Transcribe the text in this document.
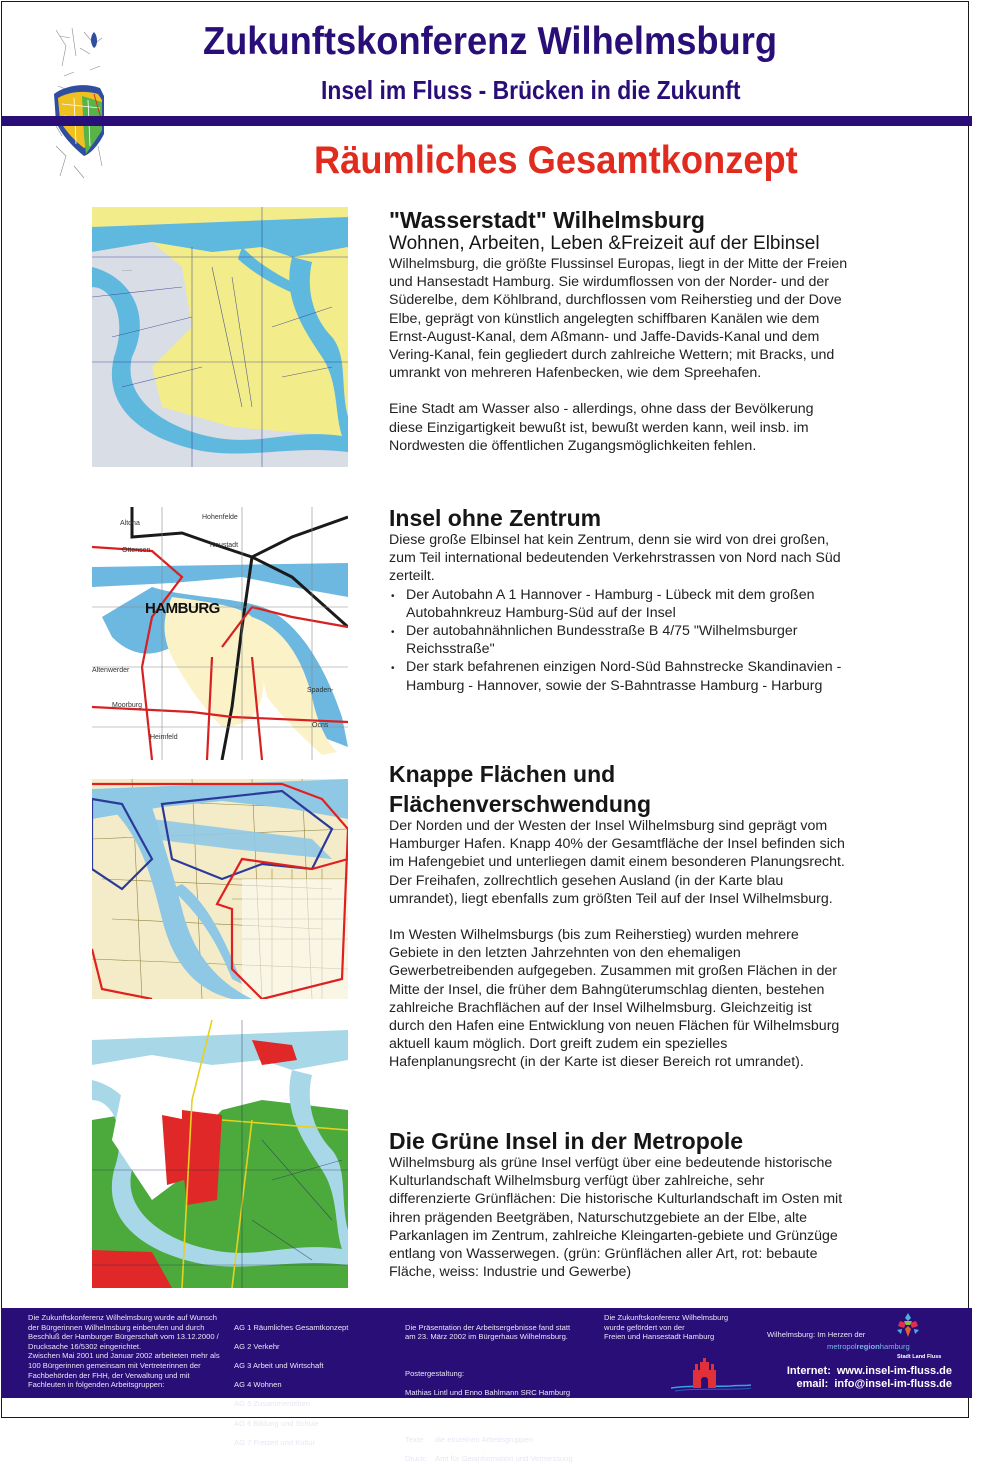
Zukunftskonferenz Wilhelmsburg
Insel im Fluss - Brücken in die Zukunft
Räumliches Gesamtkonzept
·····
Altona
Hohenfelde
Ottensen
Neustadt
Altenwerder
Moorburg
Heimfeld
Spaden-
Ocns
HAMBURG
"Wasserstadt" Wilhelmsburg
Wohnen, Arbeiten, Leben &Freizeit auf der Elbinsel

Wilhelmsburg, die größte Flussinsel Europas, liegt in der Mitte der Freien
und Hansestadt Hamburg. Sie wirdumflossen von der Norder- und der
Süderelbe, dem Köhlbrand, durchflossen vom Reiherstieg und der Dove
Elbe, geprägt von künstlich angelegten schiffbaren Kanälen wie dem
Ernst-August-Kanal, dem Aßmann- und Jaffe-Davids-Kanal und dem
Vering-Kanal, fein gegliedert durch zahlreiche Wettern; mit Bracks, und
umrankt von mehreren Hafenbecken, wie dem Spreehafen.

Eine Stadt am Wasser also - allerdings, ohne dass der Bevölkerung
diese Einzigartigkeit bewußt ist, bewußt werden kann, weil insb. im
Nordwesten die öffentlichen Zugangsmöglichkeiten fehlen.

Insel ohne Zentrum

Diese große Elbinsel hat kein Zentrum, denn sie wird von drei großen,
zum Teil international bedeutenden Verkehrstrassen von Nord nach Süd
zerteilt.

• Der Autobahn A 1 Hannover - Hamburg - Lübeck mit dem großen
Autobahnkreuz Hamburg-Süd auf der Insel
• Der autobahnähnlichen Bundesstraße B 4/75 "Wilhelmsburger
Reichsstraße"
• Der stark befahrenen einzigen Nord-Süd Bahnstrecke Skandinavien -
Hamburg - Hannover, sowie der S-Bahntrasse Hamburg - Harburg
Knappe Flächen und
Flächenverschwendung

Der Norden und der Westen der Insel Wilhelmsburg sind geprägt vom
Hamburger Hafen. Knapp 40% der Gesamtfläche der Insel befinden sich
im Hafengebiet und unterliegen damit einem besonderen Planungsrecht.
Der Freihafen, zollrechtlich gesehen Ausland (in der Karte blau
umrandet), liegt ebenfalls zum größten Teil auf der Insel Wilhelmsburg.

Im Westen Wilhelmsburgs (bis zum Reiherstieg) wurden mehrere
Gebiete in den letzten Jahrzehnten von den ehemaligen
Gewerbetreibenden aufgegeben. Zusammen mit großen Flächen in der
Mitte der Insel, die früher dem Bahngüterumschlag dienten, bestehen
zahlreiche Brachflächen auf der Insel Wilhelmsburg. Gleichzeitig ist
durch den Hafen eine Entwicklung von neuen Flächen für Wilhelmsburg
aktuell kaum möglich. Dort greift zudem ein spezielles
Hafenplanungsrecht (in der Karte ist dieser Bereich rot umrandet).

Die Grüne Insel in der Metropole

Wilhelmsburg als grüne Insel verfügt über eine bedeutende historische
Kulturlandschaft Wilhelmsburg verfügt über zahlreiche, sehr
differenzierte Grünflächen: Die historische Kulturlandschaft im Osten mit
ihren prägenden Beetgräben, Naturschutzgebiete an der Elbe, alte
Parkanlagen im Zentrum, zahlreiche Kleingarten-gebiete und Grünzüge
entlang von Wasserwegen. (grün: Grünflächen aller Art, rot: bebaute
Fläche, weiss: Industrie und Gewerbe)

Die Zukunftskonferenz Wilhelmsburg wurde auf Wunsch
der Bürgerinnen Wilhelmsburg einberufen und durch
Beschluß der Hamburger Bürgerschaft vom 13.12.2000 /
Drucksache 16/5302 eingerichtet.
Zwischen Mai 2001 und Januar 2002 arbeiteten mehr als
100 Bürgerinnen gemeinsam mit Vertreterinnen der
Fachbehörden der FHH, der Verwaltung und mit
Fachleuten in folgenden Arbeitsgruppen:

AG 1 Räumliches Gesamtkonzept

AG 2 Verkehr

AG 3 Arbeit und Wirtschaft

AG 4 Wohnen

AG 5 Zusammenleben

AG 6 Bildung und Schule

AG 7 Freizeit und Kultur

Die Präsentation der Arbeitsergebnisse fand statt
am 23. März 2002 im Bürgerhaus Wilhelmsburg.

Postergestaltung:

Mathias Lintl und Enno Bahlmann SRC Hamburg

Texte:	die einzelnen Arbeitsgruppen

Druck:	Amt für Geoinformation und Vermessung

Die Zukunftskonferenz Wilhelmsburg
wurde gefördert von der
Freien und Hansestadt Hamburg	Wilhelmsburg: Im Herzen der
metropolregionhamburg
Stadt Land Fluss
Internet: www.insel-im-fluss.de
email: info@insel-im-fluss.de
